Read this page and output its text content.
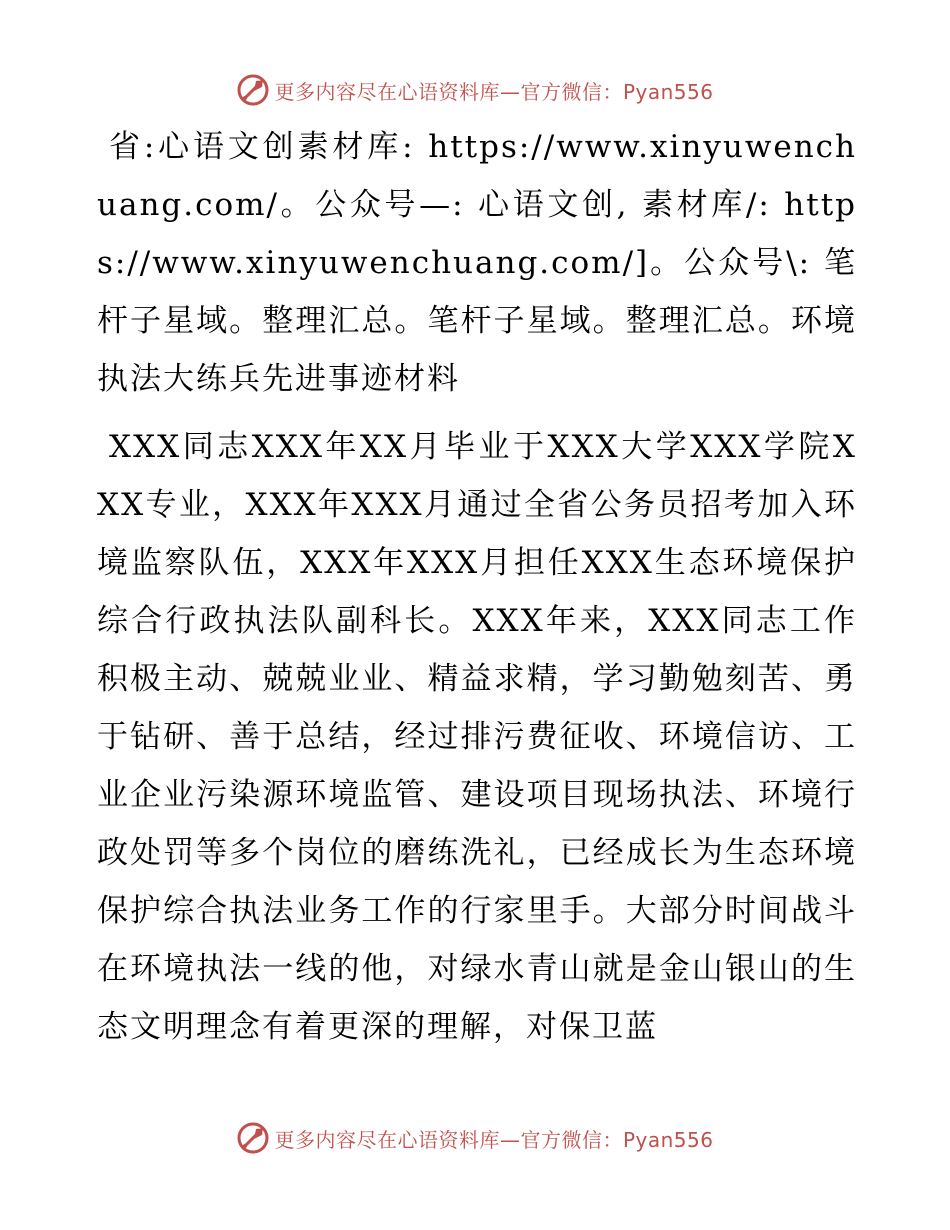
更多内容尽在心语资料库—官方微信：Pyan556

省:心语文创素材库: https://www.xinyuwenchuang.com/。公众号—: 心语文创, 素材库/: https://www.xinyuwenchuang.com/]。公众号\: 笔杆子星域。整理汇总。笔杆子星域。整理汇总。环境执法大练兵先进事迹材料

XXX同志XXX年XX月毕业于XXX大学XXX学院XXX专业，XXX年XXX月通过全省公务员招考加入环境监察队伍，XXX年XXX月担任XXX生态环境保护综合行政执法队副科长。XXX年来，XXX同志工作积极主动、兢兢业业、精益求精，学习勤勉刻苦、勇于钻研、善于总结，经过排污费征收、环境信访、工业企业污染源环境监管、建设项目现场执法、环境行政处罚等多个岗位的磨练洗礼，已经成长为生态环境保护综合执法业务工作的行家里手。大部分时间战斗在环境执法一线的他，对绿水青山就是金山银山的生态文明理念有着更深的理解，对保卫蓝

更多内容尽在心语资料库—官方微信：Pyan556
